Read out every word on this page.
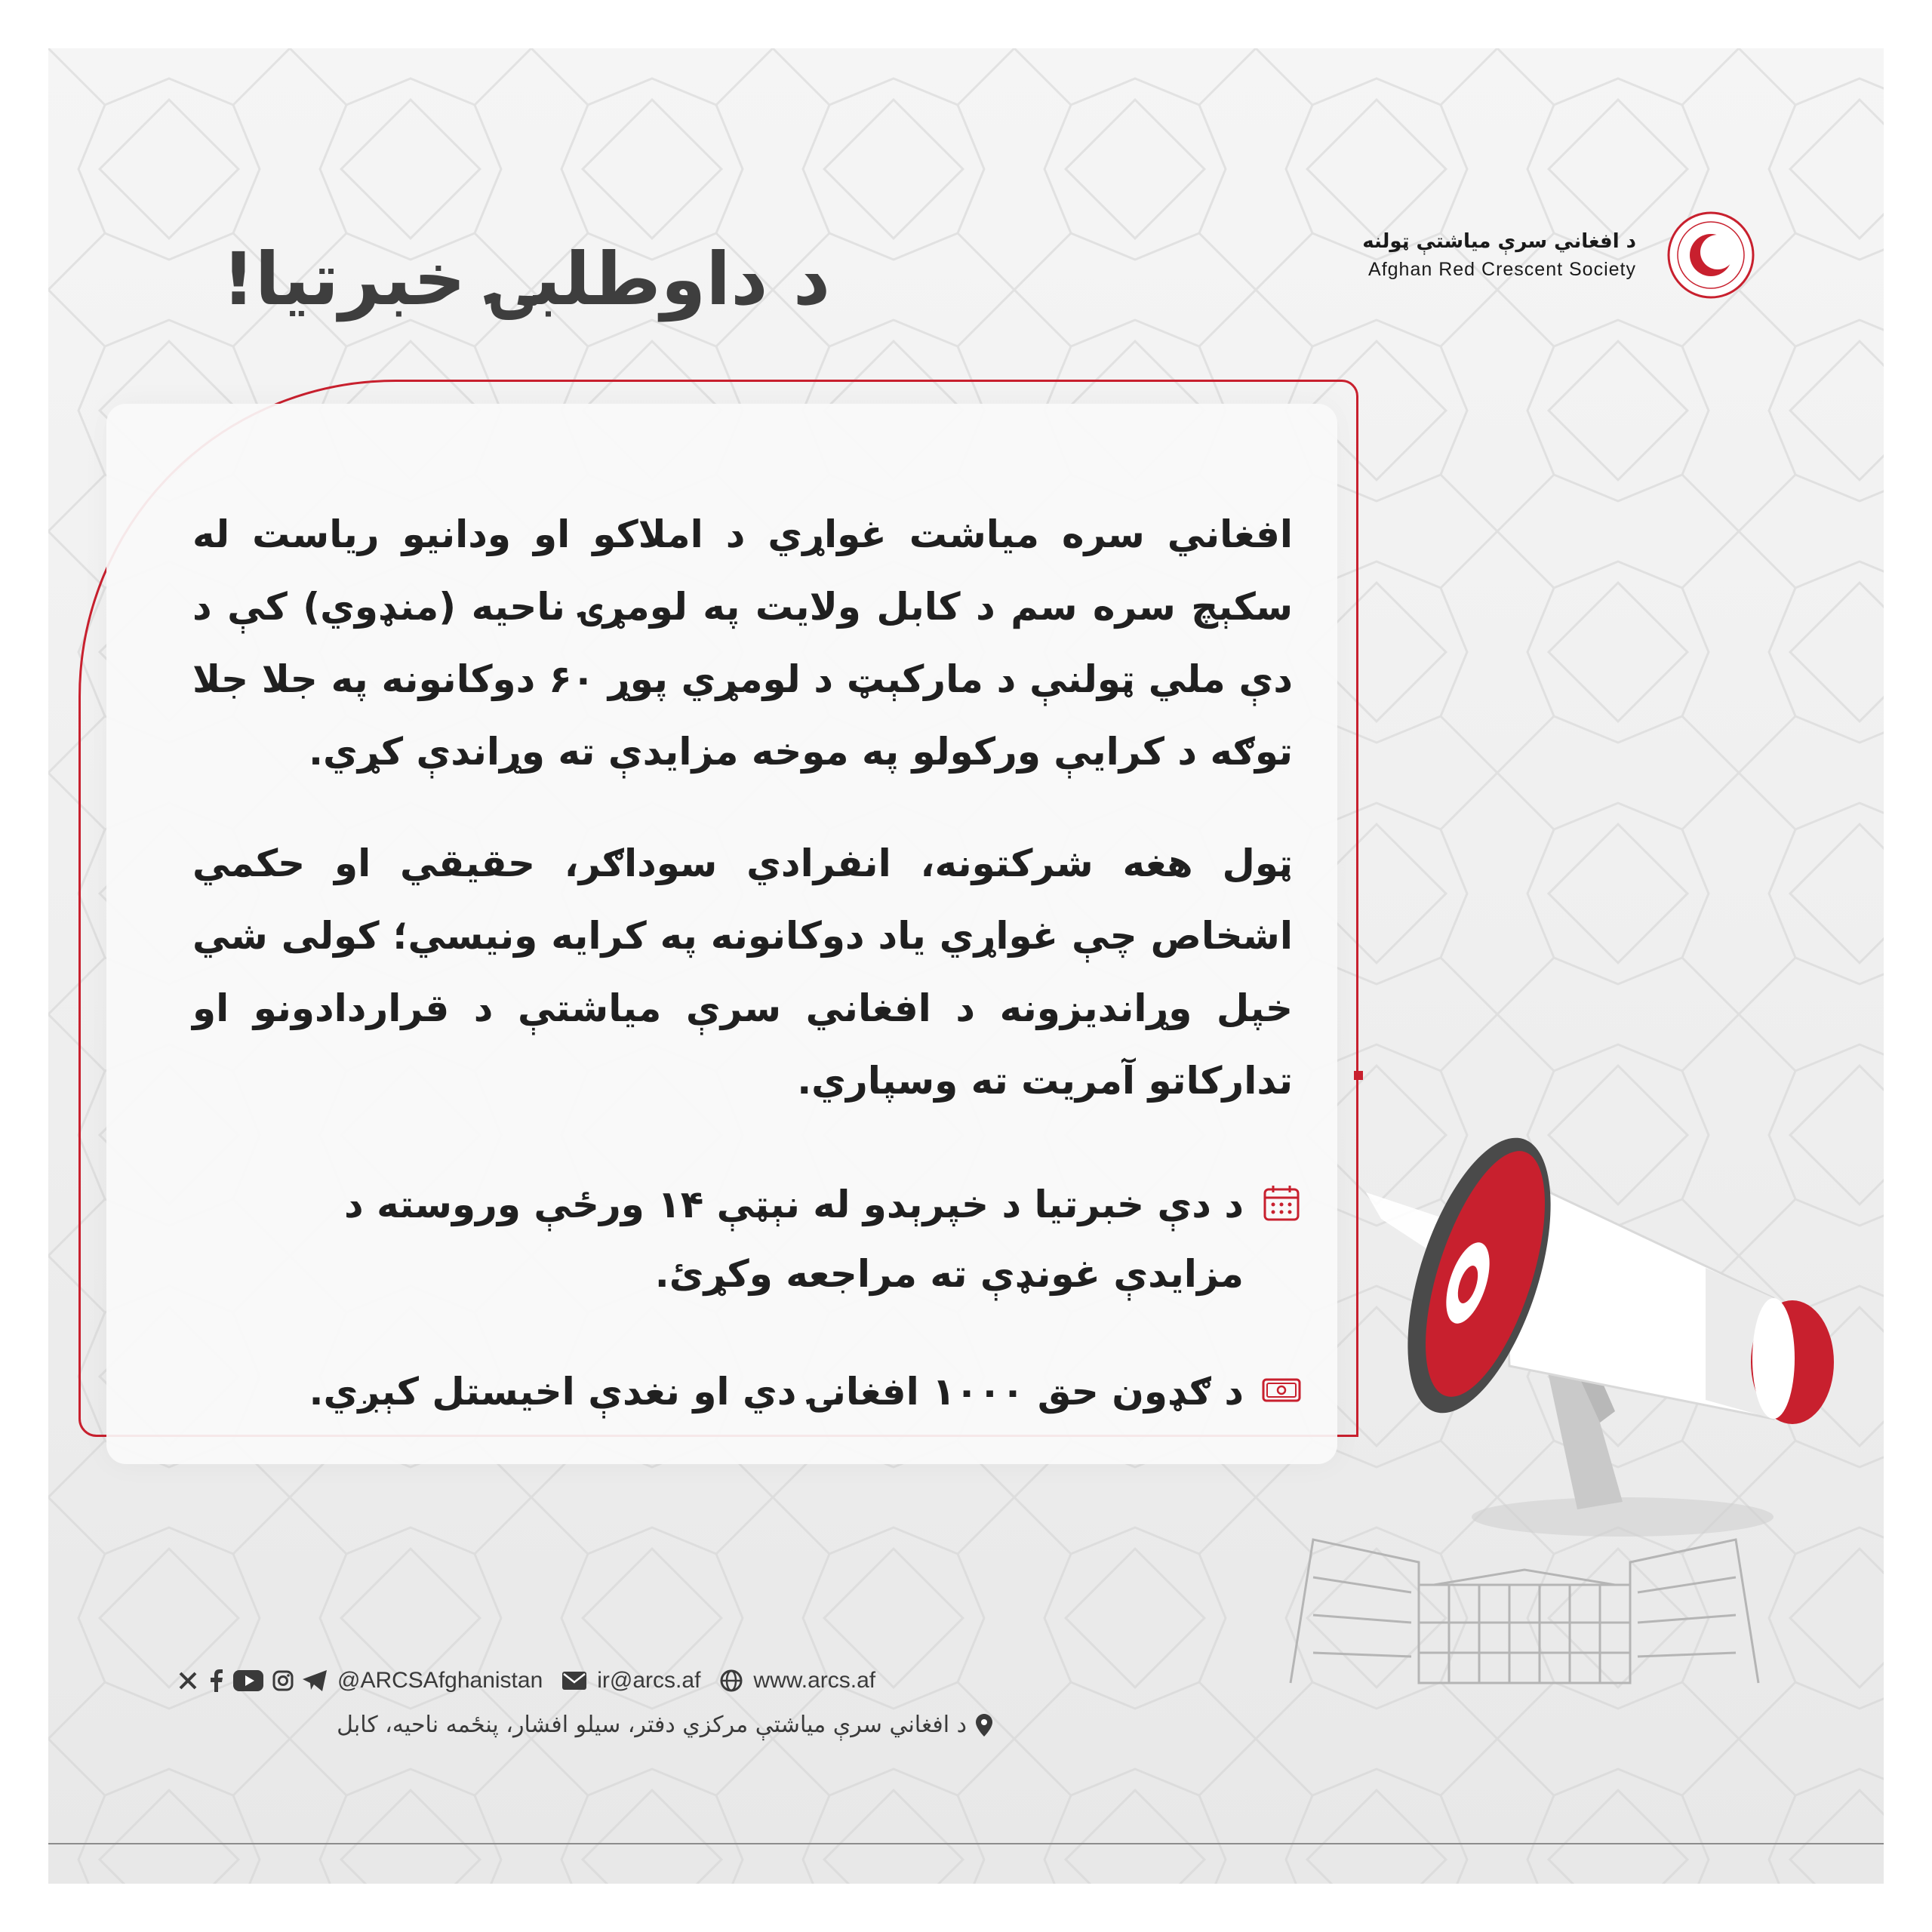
د افغاني سرې میاشتې ټولنه
Afghan Red Crescent Society
د داوطلبۍ خبرتیا!

افغاني سره میاشت غواړي د املاکو او ودانیو ریاست له سکېچ سره سم د کابل ولایت په لومړۍ ناحیه (منډوي) کې د دې ملي ټولنې د مارکېټ د لومړي پوړ ۶۰ دوکانونه په جلا جلا توګه د کرایې ورکولو په موخه مزایدې ته وړاندې کړي.

ټول هغه شرکتونه، انفرادي سوداګر، حقیقي او حکمي اشخاص چې غواړي یاد دوکانونه په کرایه ونیسي؛ کولی شي خپل وړاندیزونه د افغاني سرې میاشتې د قراردادونو او تدارکاتو آمریت ته وسپاري.

د دې خبرتیا د خپرېدو له نېټې ۱۴ ورځې وروسته د مزایدې غونډې ته مراجعه وکړئ.
د ګډون حق ۱۰۰۰ افغانۍ دي او نغدې اخیستل کېږي.
@ARCSAfghanistan ir@arcs.af www.arcs.af
د افغاني سرې میاشتې مرکزي دفتر، سیلو افشار، پنځمه ناحیه، کابل
